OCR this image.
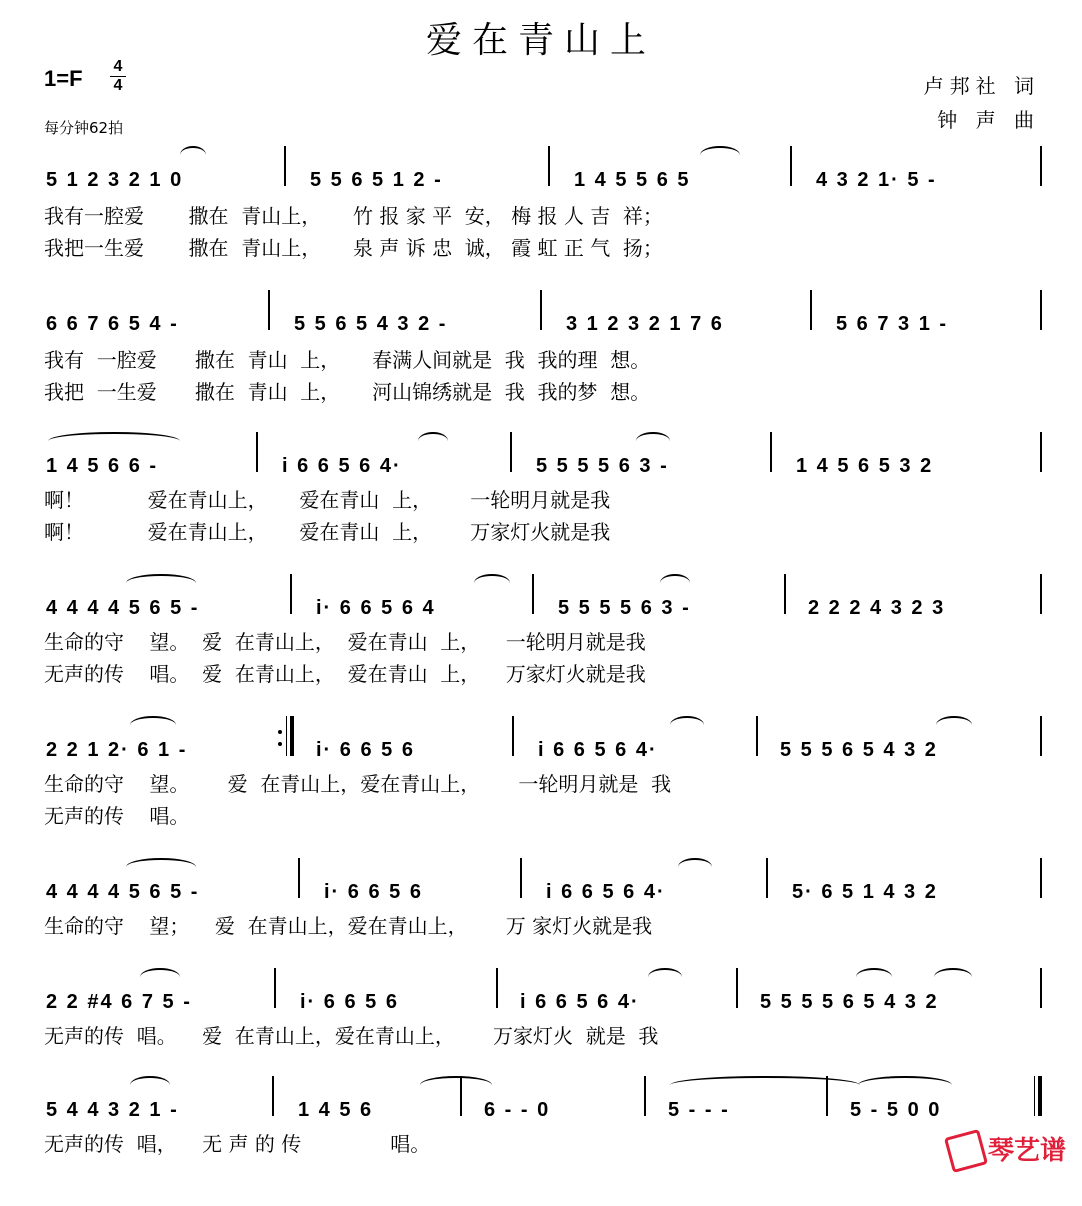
爱在青山上
1=F 4
4
每分钟62拍
卢邦社 词
钟 声 曲
5 1 2 3 2 1 0	5 5 6 5 1 2 -	1 4 5 5 6 5	4 3 2 1· 5 -
我有一腔爱       撒在  青山上，     竹 报 家 平  安， 梅 报 人 吉  祥；
我把一生爱       撒在  青山上，     泉 声 诉 忠  诚， 霞 虹 正 气  扬；
6 6 7 6 5 4 -	5 5 6 5 4 3 2 -	3 1 2 3 2 1 7 6	5 6 7 3 1 -
我有  一腔爱      撒在  青山  上，     春满人间就是  我  我的理  想。
我把  一生爱      撒在  青山  上，     河山锦绣就是  我  我的梦  想。
1 4 5 6 6 -	i 6 6 5 6 4·	5 5 5 5 6 3 -	1 4 5 6 5 3 2
啊！          爱在青山上，     爱在青山  上，      一轮明月就是我
啊！          爱在青山上，     爱在青山  上，      万家灯火就是我
4 4 4 4 5 6 5 -	i· 6 6 5 6 4	5 5 5 5 6 3 -	2 2 2 4 3 2 3
生命的守    望。  爱  在青山上，  爱在青山  上，    一轮明月就是我
无声的传    唱。  爱  在青山上，  爱在青山  上，    万家灯火就是我
2 2 1 2· 6 1 -	i· 6 6 5 6	i 6 6 5 6 4·	5 5 5 6 5 4 3 2
生命的守    望。      爱  在青山上，爱在青山上，      一轮明月就是  我
无声的传    唱。
4 4 4 4 5 6 5 -	i· 6 6 5 6	i 6 6 5 6 4·	5· 6 5 1 4 3 2
生命的守    望；    爱  在青山上，爱在青山上，      万 家灯火就是我
2 2 #4 6 7 5 -	i· 6 6 5 6	i 6 6 5 6 4·	5 5 5 5 6 5 4 3 2
无声的传  唱。    爱  在青山上，爱在青山上，      万家灯火  就是  我
5 4 4 3 2 1 -	1 4 5 6	6 - - 0	5 - - -	5 - 5 0 0
无声的传  唱，    无 声 的 传              唱。	琴艺谱
